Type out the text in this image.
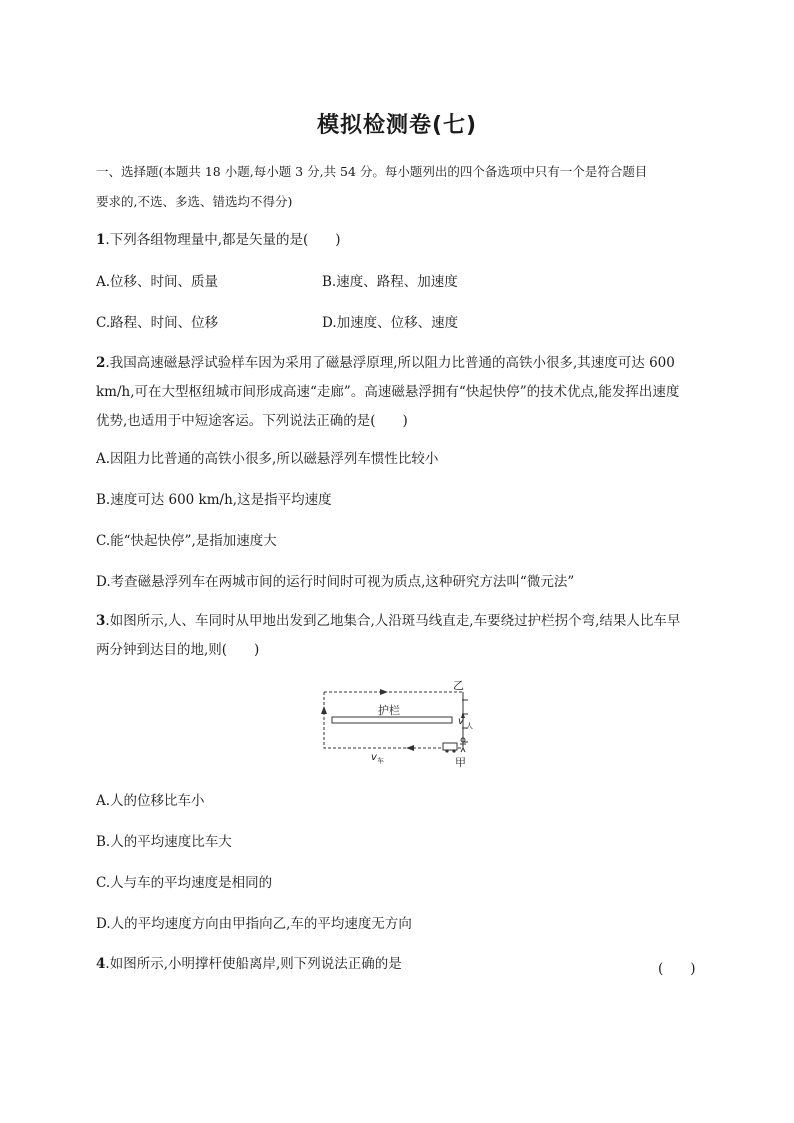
模拟检测卷(七)
一、选择题(本题共 18 小题,每小题 3 分,共 54 分。每小题列出的四个备选项中只有一个是符合题目
要求的,不选、多选、错选均不得分)
1.下列各组物理量中,都是矢量的是(　　)
A.位移、时间、质量	B.速度、路程、加速度
C.路程、时间、位移	D.加速度、位移、速度
2.我国高速磁悬浮试验样车因为采用了磁悬浮原理,所以阻力比普通的高铁小很多,其速度可达 600
km/h,可在大型枢纽城市间形成高速“走廊”。高速磁悬浮拥有“快起快停”的技术优点,能发挥出速度
优势,也适用于中短途客运。下列说法正确的是(　　)
A.因阻力比普通的高铁小很多,所以磁悬浮列车惯性比较小
B.速度可达 600 km/h,这是指平均速度
C.能“快起快停”,是指加速度大
D.考查磁悬浮列车在两城市间的运行时间时可视为质点,这种研究方法叫“微元法”
3.如图所示,人、车同时从甲地出发到乙地集合,人沿斑马线直走,车要绕过护栏拐个弯,结果人比车早
两分钟到达目的地,则(　　)
护栏
乙
甲
v 人
v 车
A.人的位移比车小
B.人的平均速度比车大
C.人与车的平均速度是相同的
D.人的平均速度方向由甲指向乙,车的平均速度无方向
4.如图所示,小明撑杆使船离岸,则下列说法正确的是	(　　)
